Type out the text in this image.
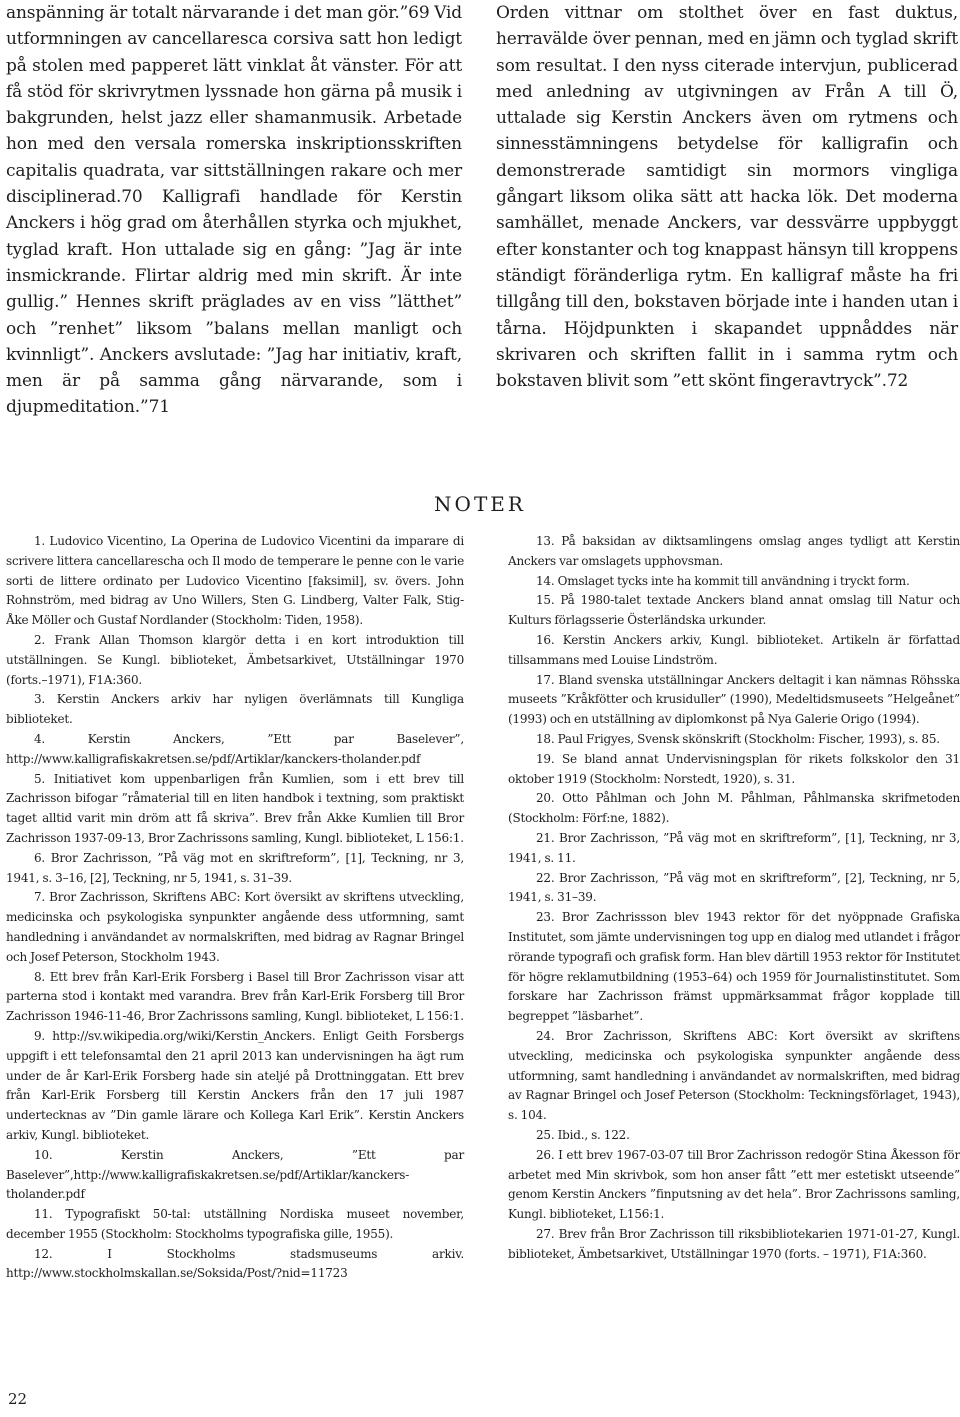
anspänning är totalt närvarande i det man gör.”69 Vid utformningen av cancellaresca corsiva satt hon ledigt på stolen med papperet lätt vinklat åt vänster. För att få stöd för skrivrytmen lyssnade hon gärna på musik i bakgrunden, helst jazz eller shamanmusik. Arbetade hon med den versala romerska inskriptionsskriften capitalis quadrata, var sittställningen rakare och mer disciplinerad.70 Kalligrafi handlade för Kerstin Anckers i hög grad om återhållen styrka och mjukhet, tyglad kraft. Hon uttalade sig en gång: ”Jag är inte insmickrande. Flirtar aldrig med min skrift. Är inte gullig.” Hennes skrift präglades av en viss ”lätthet” och ”renhet” liksom ”balans mellan manligt och kvinnligt”. Anckers avslutade: ”Jag har initiativ, kraft, men är på samma gång närvarande, som i djupmeditation.”71

Orden vittnar om stolthet över en fast duktus, herravälde över pennan, med en jämn och tyglad skrift som resultat. I den nyss citerade intervjun, publicerad med anledning av utgivningen av Från A till Ö, uttalade sig Kerstin Anckers även om rytmens och sinnesstämningens betydelse för kalligrafin och demonstrerade samtidigt sin mormors vingliga gångart liksom olika sätt att hacka lök. Det moderna samhället, menade Anckers, var dessvärre uppbyggt efter konstanter och tog knappast hänsyn till kroppens ständigt föränderliga rytm. En kalligraf måste ha fri tillgång till den, bokstaven började inte i handen utan i tårna. Höjdpunkten i skapandet uppnåddes när skrivaren och skriften fallit in i samma rytm och bokstaven blivit som ”ett skönt fingeravtryck”.72

NOTER

1. Ludovico Vicentino, La Operina de Ludovico Vicentini da imparare di scrivere littera cancellarescha och Il modo de temperare le penne con le varie sorti de littere ordinato per Ludovico Vicentino [faksimil], sv. övers. John Rohnström, med bidrag av Uno Willers, Sten G. Lindberg, Valter Falk, Stig-Åke Möller och Gustaf Nordlander (Stockholm: Tiden, 1958).

2. Frank Allan Thomson klargör detta i en kort introduktion till utställningen. Se Kungl. biblioteket, Ämbetsarkivet, Utställningar 1970 (forts.–1971), F1A:360.

3. Kerstin Anckers arkiv har nyligen överlämnats till Kungliga biblioteket.

4. Kerstin Anckers, ”Ett par Baselever”, http://www.kalligrafiskakretsen.se/pdf/Artiklar/kanckers-tholander.pdf

5. Initiativet kom uppenbarligen från Kumlien, som i ett brev till Zachrisson bifogar ”råmaterial till en liten handbok i textning, som praktiskt taget alltid varit min dröm att få skriva”. Brev från Akke Kumlien till Bror Zachrisson 1937-09-13, Bror Zachrissons samling, Kungl. biblioteket, L 156:1.

6. Bror Zachrisson, ”På väg mot en skriftreform”, [1], Teckning, nr 3, 1941, s. 3–16, [2], Teckning, nr 5, 1941, s. 31–39.

7. Bror Zachrisson, Skriftens ABC: Kort översikt av skriftens utveckling, medicinska och psykologiska synpunkter angående dess utformning, samt handledning i användandet av normalskriften, med bidrag av Ragnar Bringel och Josef Peterson, Stockholm 1943.

8. Ett brev från Karl-Erik Forsberg i Basel till Bror Zachrisson visar att parterna stod i kontakt med varandra. Brev från Karl-Erik Forsberg till Bror Zachrisson 1946-11-46, Bror Zachrissons samling, Kungl. biblioteket, L 156:1.

9. http://sv.wikipedia.org/wiki/Kerstin_Anckers. Enligt Geith Forsbergs uppgift i ett telefonsamtal den 21 april 2013 kan undervisningen ha ägt rum under de år Karl-Erik Forsberg hade sin ateljé på Drottninggatan. Ett brev från Karl-Erik Forsberg till Kerstin Anckers från den 17 juli 1987 undertecknas av ”Din gamle lärare och Kollega Karl Erik”. Kerstin Anckers arkiv, Kungl. biblioteket.

10. Kerstin Anckers, ”Ett par Baselever”,http://www.kalligrafiskakretsen.se/pdf/Artiklar/kanckers-tholander.pdf

11. Typografiskt 50-tal: utställning Nordiska museet november, december 1955 (Stockholm: Stockholms typografiska gille, 1955).

12. I Stockholms stadsmuseums arkiv. http://www.stockholmskallan.se/Soksida/Post/?nid=11723

13. På baksidan av diktsamlingens omslag anges tydligt att Kerstin Anckers var omslagets upphovsman.

14. Omslaget tycks inte ha kommit till användning i tryckt form.

15. På 1980-talet textade Anckers bland annat omslag till Natur och Kulturs förlagsserie Österländska urkunder.

16. Kerstin Anckers arkiv, Kungl. biblioteket. Artikeln är författad tillsammans med Louise Lindström.

17. Bland svenska utställningar Anckers deltagit i kan nämnas Röhsska museets ”Kråkfötter och krusiduller” (1990), Medeltidsmuseets ”Helgeånet” (1993) och en utställning av diplomkonst på Nya Galerie Origo (1994).

18. Paul Frigyes, Svensk skönskrift (Stockholm: Fischer, 1993), s. 85.

19. Se bland annat Undervisningsplan för rikets folkskolor den 31 oktober 1919 (Stockholm: Norstedt, 1920), s. 31.

20. Otto Påhlman och John M. Påhlman, Påhlmanska skrifmetoden (Stockholm: Förf:ne, 1882).

21. Bror Zachrisson, ”På väg mot en skriftreform”, [1], Teckning, nr 3, 1941, s. 11.

22. Bror Zachrisson, ”På väg mot en skriftreform”, [2], Teckning, nr 5, 1941, s. 31–39.

23. Bror Zachrissson blev 1943 rektor för det nyöppnade Grafiska Institutet, som jämte undervisningen tog upp en dialog med utlandet i frågor rörande typografi och grafisk form. Han blev därtill 1953 rektor för Institutet för högre reklamutbildning (1953–64) och 1959 för Journalistinstitutet. Som forskare har Zachrisson främst uppmärksammat frågor kopplade till begreppet ”läsbarhet”.

24. Bror Zachrisson, Skriftens ABC: Kort översikt av skriftens utveckling, medicinska och psykologiska synpunkter angående dess utformning, samt handledning i användandet av normalskriften, med bidrag av Ragnar Bringel och Josef Peterson (Stockholm: Teckningsförlaget, 1943), s. 104.

25. Ibid., s. 122.

26. I ett brev 1967-03-07 till Bror Zachrisson redogör Stina Åkesson för arbetet med Min skrivbok, som hon anser fått ”ett mer estetiskt utseende” genom Kerstin Anckers ”finputsning av det hela”. Bror Zachrissons samling, Kungl. biblioteket, L156:1.

27. Brev från Bror Zachrisson till riksbibliotekarien 1971-01-27, Kungl. biblioteket, Ämbetsarkivet, Utställningar 1970 (forts. – 1971), F1A:360.

22
